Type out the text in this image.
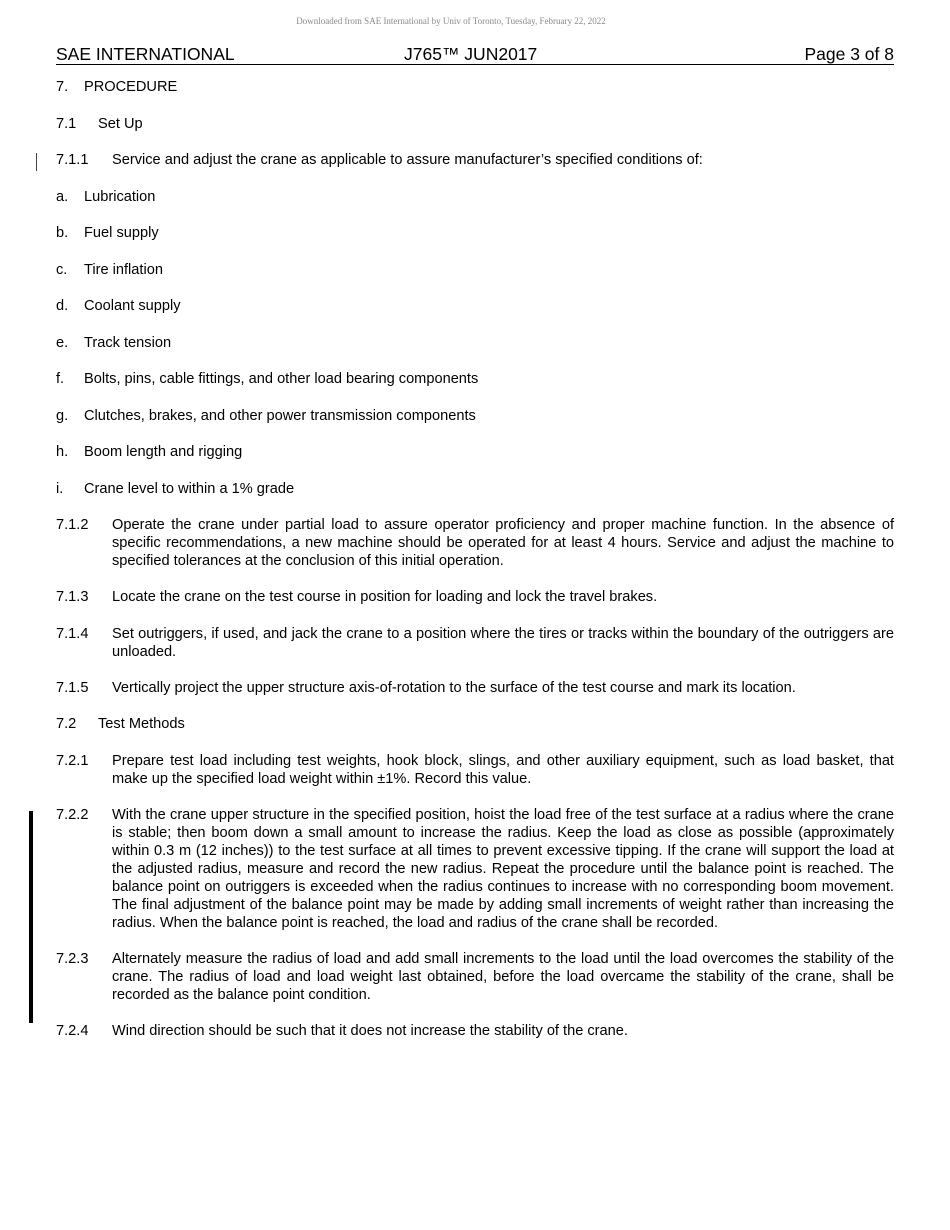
Downloaded from SAE International by Univ of Toronto, Tuesday, February 22, 2022
SAE INTERNATIONAL	J765™ JUN2017	Page 3 of 8
7. PROCEDURE
7.1 Set Up
7.1.1 Service and adjust the crane as applicable to assure manufacturer’s specified conditions of:
a. Lubrication
b. Fuel supply
c. Tire inflation
d. Coolant supply
e. Track tension
f. Bolts, pins, cable fittings, and other load bearing components
g. Clutches, brakes, and other power transmission components
h. Boom length and rigging
i. Crane level to within a 1% grade
7.1.2 Operate the crane under partial load to assure operator proficiency and proper machine function. In the absence of specific recommendations, a new machine should be operated for at least 4 hours. Service and adjust the machine to specified tolerances at the conclusion of this initial operation.
7.1.3 Locate the crane on the test course in position for loading and lock the travel brakes.
7.1.4 Set outriggers, if used, and jack the crane to a position where the tires or tracks within the boundary of the outriggers are unloaded.
7.1.5 Vertically project the upper structure axis-of-rotation to the surface of the test course and mark its location.
7.2 Test Methods
7.2.1 Prepare test load including test weights, hook block, slings, and other auxiliary equipment, such as load basket, that make up the specified load weight within ±1%. Record this value.
7.2.2 With the crane upper structure in the specified position, hoist the load free of the test surface at a radius where the crane is stable; then boom down a small amount to increase the radius. Keep the load as close as possible (approximately within 0.3 m (12 inches)) to the test surface at all times to prevent excessive tipping. If the crane will support the load at the adjusted radius, measure and record the new radius. Repeat the procedure until the balance point is reached. The balance point on outriggers is exceeded when the radius continues to increase with no corresponding boom movement. The final adjustment of the balance point may be made by adding small increments of weight rather than increasing the radius. When the balance point is reached, the load and radius of the crane shall be recorded.
7.2.3 Alternately measure the radius of load and add small increments to the load until the load overcomes the stability of the crane. The radius of load and load weight last obtained, before the load overcame the stability of the crane, shall be recorded as the balance point condition.
7.2.4 Wind direction should be such that it does not increase the stability of the crane.
